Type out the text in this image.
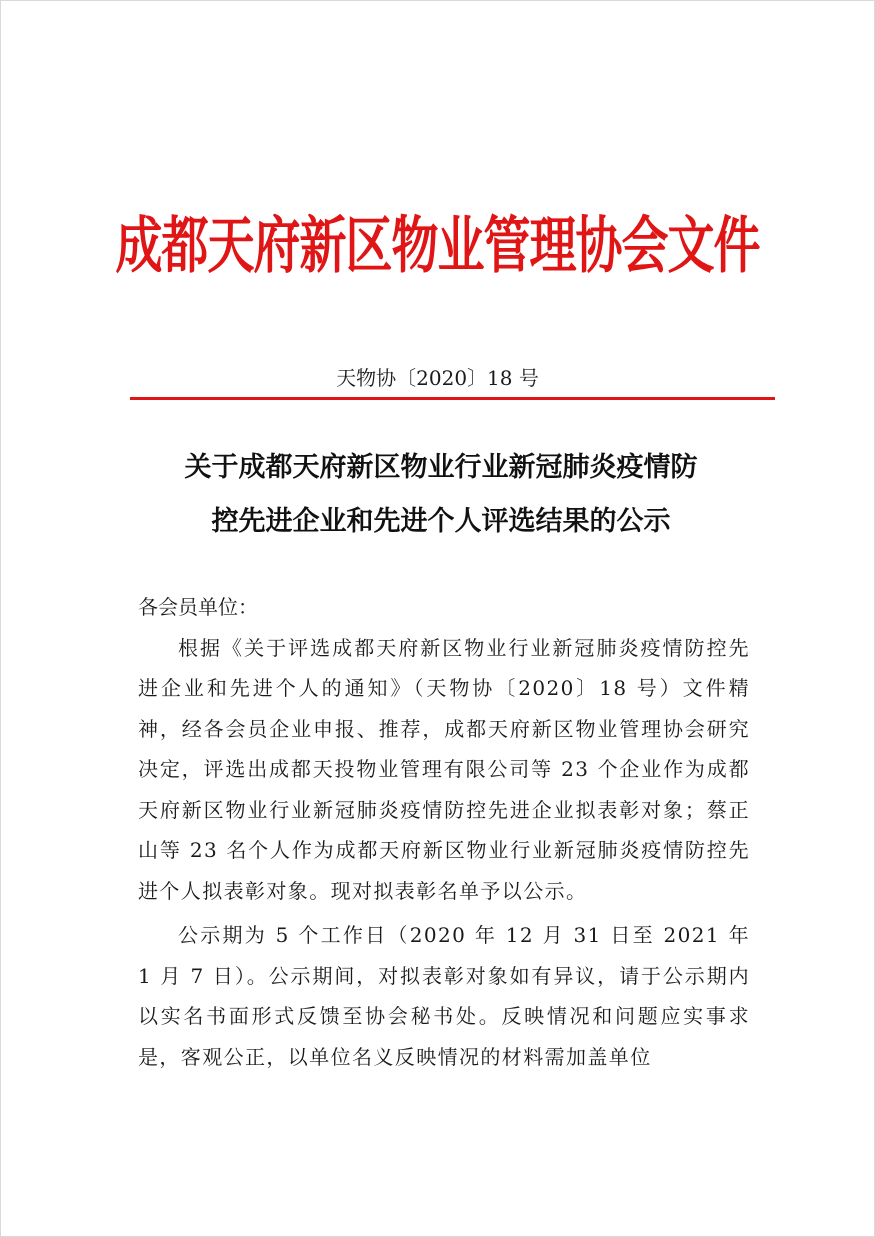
成都天府新区物业管理协会文件
天物协〔2020〕18 号
关于成都天府新区物业行业新冠肺炎疫情防
控先进企业和先进个人评选结果的公示

各会员单位：

根据《关于评选成都天府新区物业行业新冠肺炎疫情防控先进企业和先进个人的通知》（天物协〔2020〕18 号）文件精神，经各会员企业申报、推荐，成都天府新区物业管理协会研究决定，评选出成都天投物业管理有限公司等 23 个企业作为成都天府新区物业行业新冠肺炎疫情防控先进企业拟表彰对象；蔡正山等 23 名个人作为成都天府新区物业行业新冠肺炎疫情防控先进个人拟表彰对象。现对拟表彰名单予以公示。

公示期为 5 个工作日（2020 年 12 月 31 日至 2021 年 1 月 7 日）。公示期间，对拟表彰对象如有异议，请于公示期内以实名书面形式反馈至协会秘书处。反映情况和问题应实事求是，客观公正，以单位名义反映情况的材料需加盖单位
